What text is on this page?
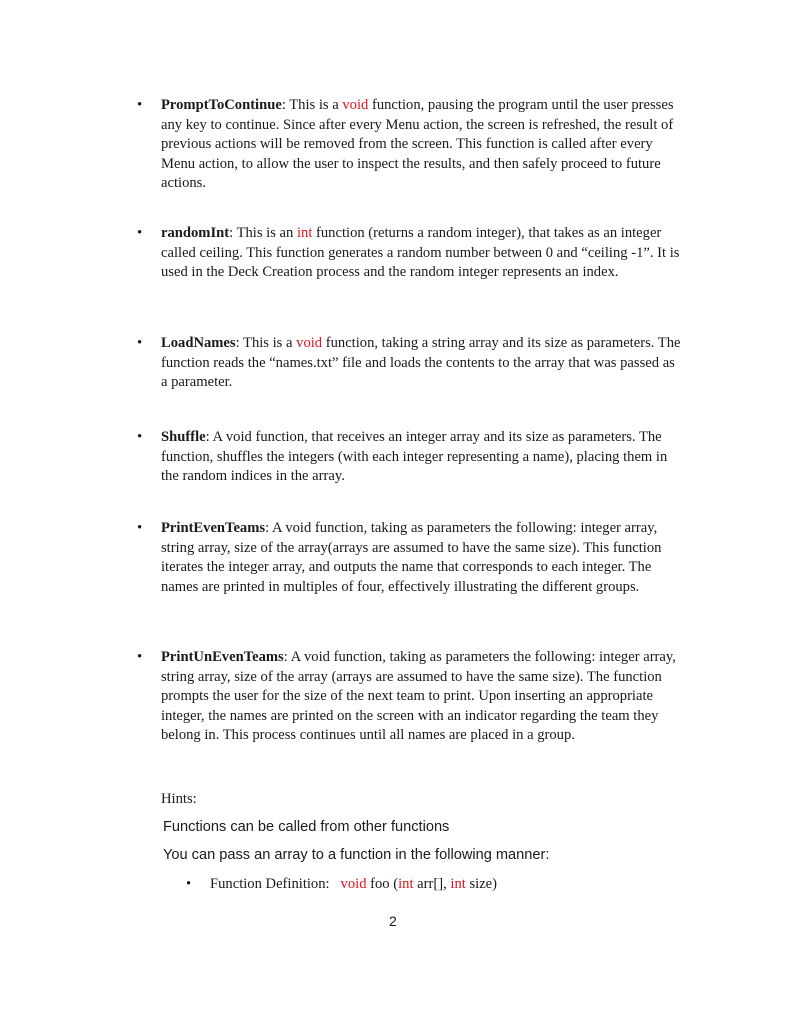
• PromptToContinue: This is a void function, pausing the program until the user presses any key to continue. Since after every Menu action, the screen is refreshed, the result of previous actions will be removed from the screen. This function is called after every Menu action, to allow the user to inspect the results, and then safely proceed to future actions.
• randomInt: This is an int function (returns a random integer), that takes as an integer called ceiling. This function generates a random number between 0 and “ceiling -1”. It is used in the Deck Creation process and the random integer represents an index.
• LoadNames: This is a void function, taking a string array and its size as parameters. The function reads the “names.txt” file and loads the contents to the array that was passed as a parameter.
• Shuffle: A void function, that receives an integer array and its size as parameters. The function, shuffles the integers (with each integer representing a name), placing them in the random indices in the array.
• PrintEvenTeams: A void function, taking as parameters the following: integer array, string array, size of the array(arrays are assumed to have the same size). This function iterates the integer array, and outputs the name that corresponds to each integer. The names are printed in multiples of four, effectively illustrating the different groups.
• PrintUnEvenTeams: A void function, taking as parameters the following: integer array, string array, size of the array (arrays are assumed to have the same size). The function prompts the user for the size of the next team to print. Upon inserting an appropriate integer, the names are printed on the screen with an indicator regarding the team they belong in. This process continues until all names are placed in a group.
Hints:
Functions can be called from other functions
You can pass an array to a function in the following manner:
• Function Definition: void foo (int arr[], int size)
2
